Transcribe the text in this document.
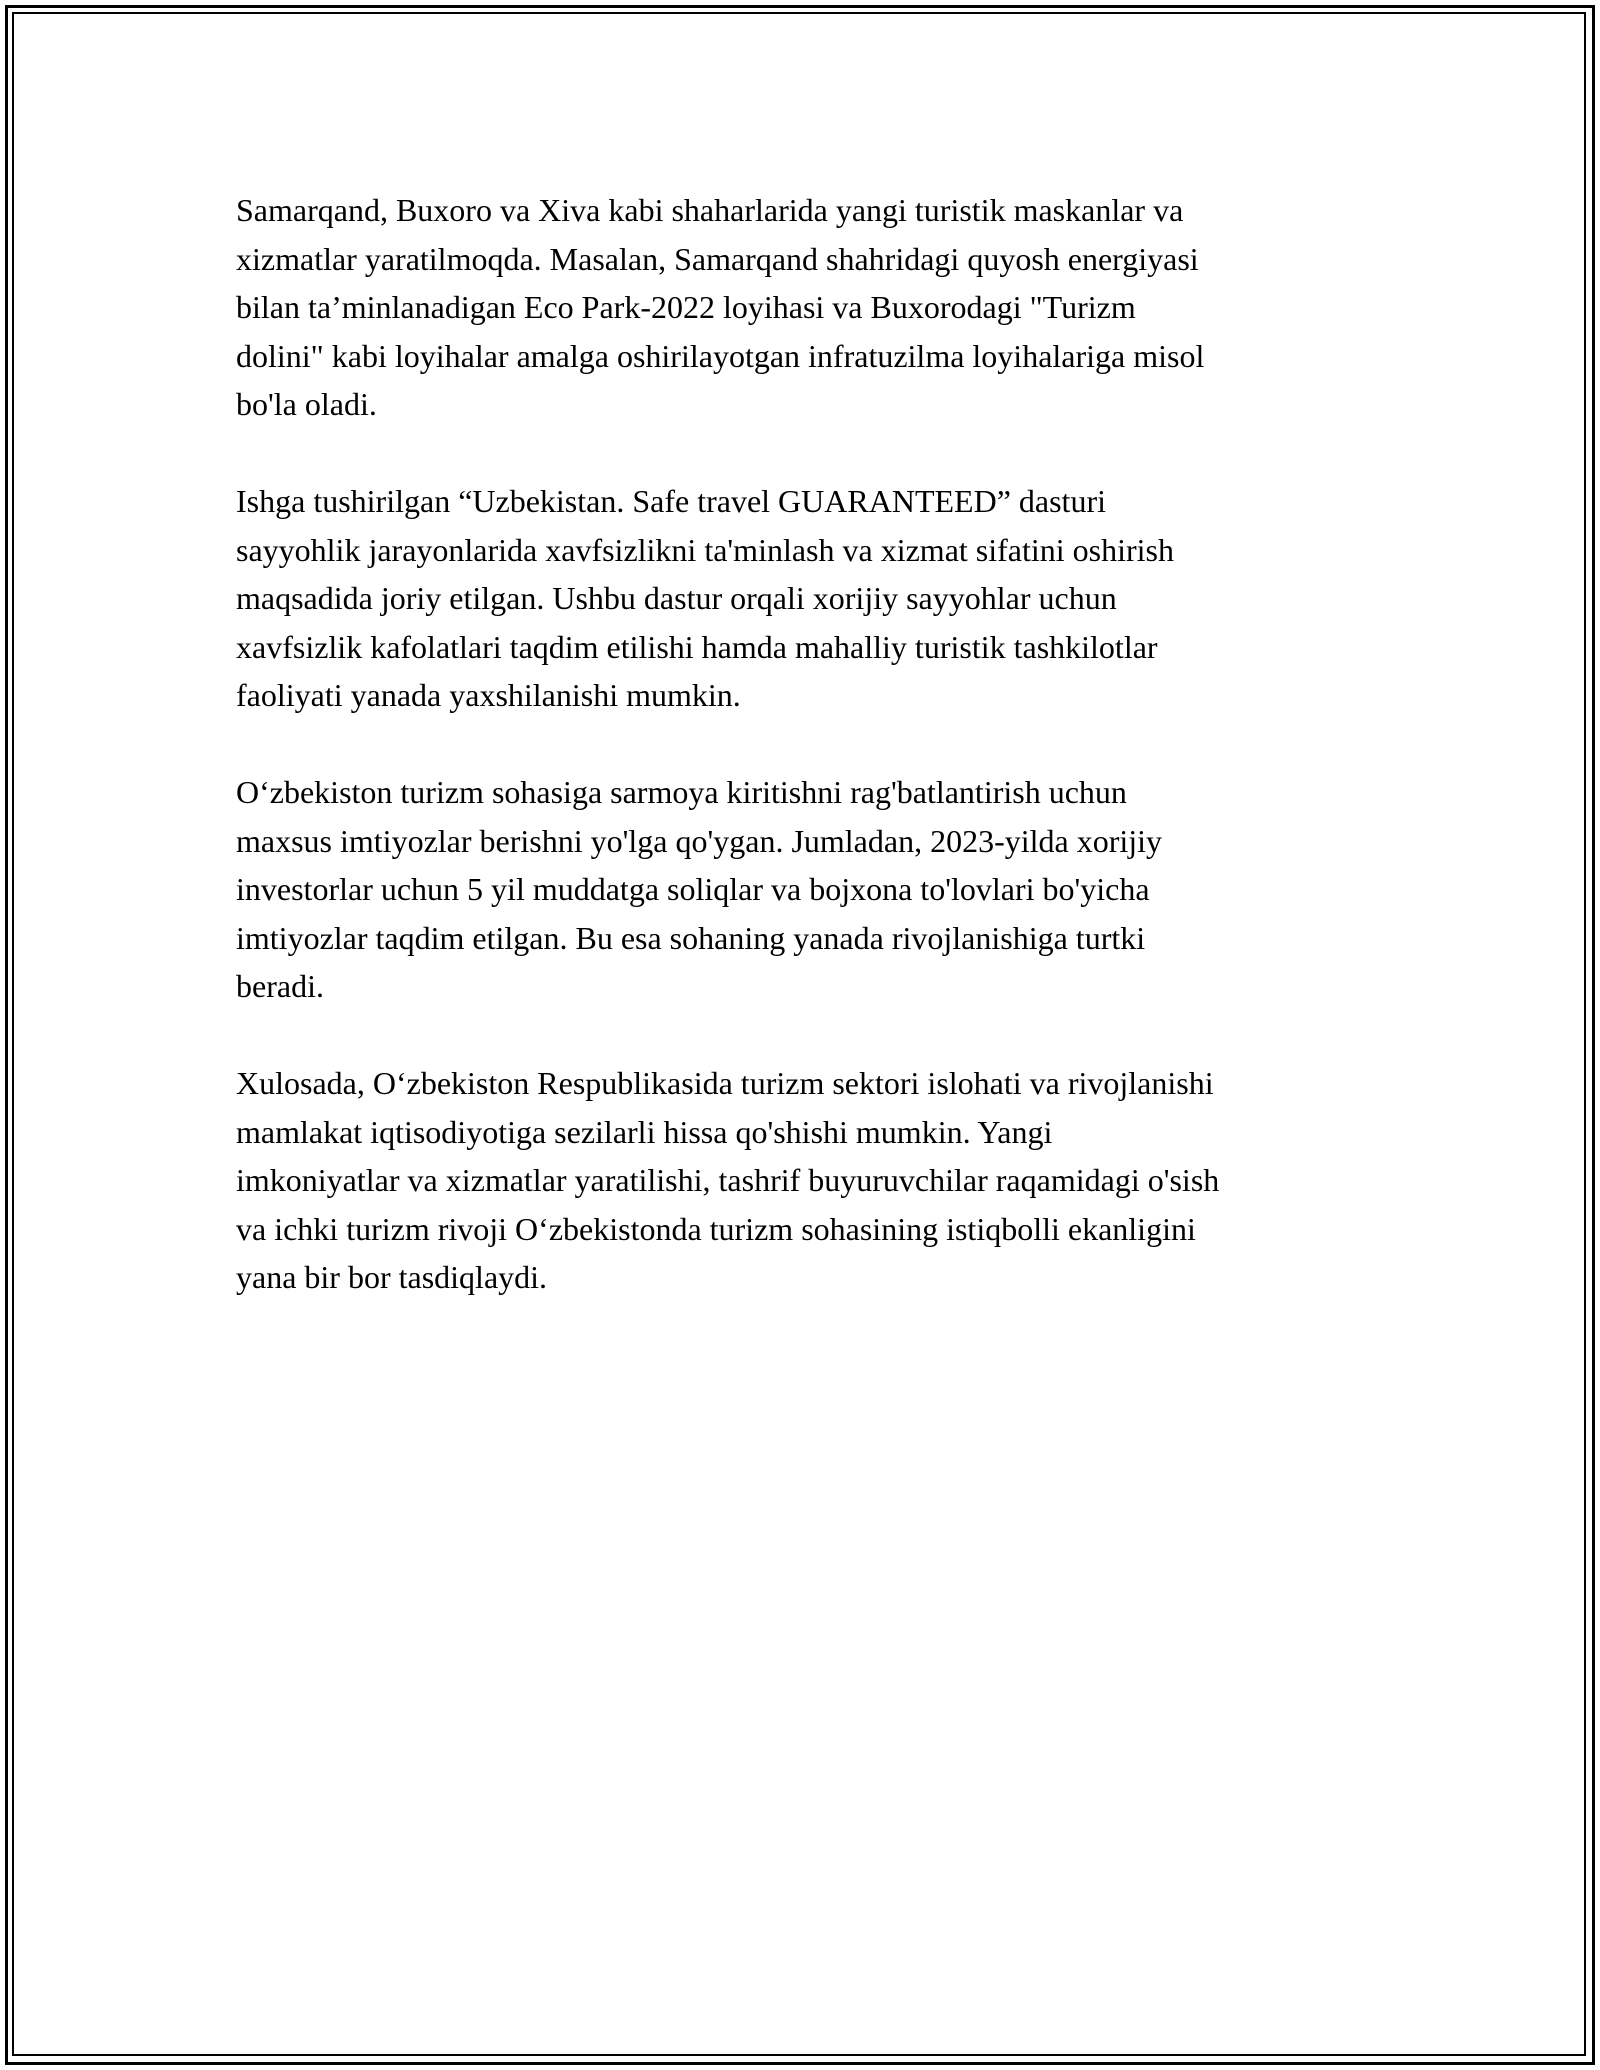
Samarqand, Buxoro va Xiva kabi shaharlarida yangi turistik maskanlar va
xizmatlar yaratilmoqda. Masalan, Samarqand shahridagi quyosh energiyasi
bilan ta’minlanadigan Eco Park-2022 loyihasi va Buxorodagi "Turizm
dolini" kabi loyihalar amalga oshirilayotgan infratuzilma loyihalariga misol
bo'la oladi.

Ishga tushirilgan “Uzbekistan. Safe travel GUARANTEED” dasturi
sayyohlik jarayonlarida xavfsizlikni ta'minlash va xizmat sifatini oshirish
maqsadida joriy etilgan. Ushbu dastur orqali xorijiy sayyohlar uchun
xavfsizlik kafolatlari taqdim etilishi hamda mahalliy turistik tashkilotlar
faoliyati yanada yaxshilanishi mumkin.

O‘zbekiston turizm sohasiga sarmoya kiritishni rag'batlantirish uchun
maxsus imtiyozlar berishni yo'lga qo'ygan. Jumladan, 2023-yilda xorijiy
investorlar uchun 5 yil muddatga soliqlar va bojxona to'lovlari bo'yicha
imtiyozlar taqdim etilgan. Bu esa sohaning yanada rivojlanishiga turtki
beradi.

Xulosada, O‘zbekiston Respublikasida turizm sektori islohati va rivojlanishi
mamlakat iqtisodiyotiga sezilarli hissa qo'shishi mumkin. Yangi
imkoniyatlar va xizmatlar yaratilishi, tashrif buyuruvchilar raqamidagi o'sish
va ichki turizm rivoji O‘zbekistonda turizm sohasining istiqbolli ekanligini
yana bir bor tasdiqlaydi.
